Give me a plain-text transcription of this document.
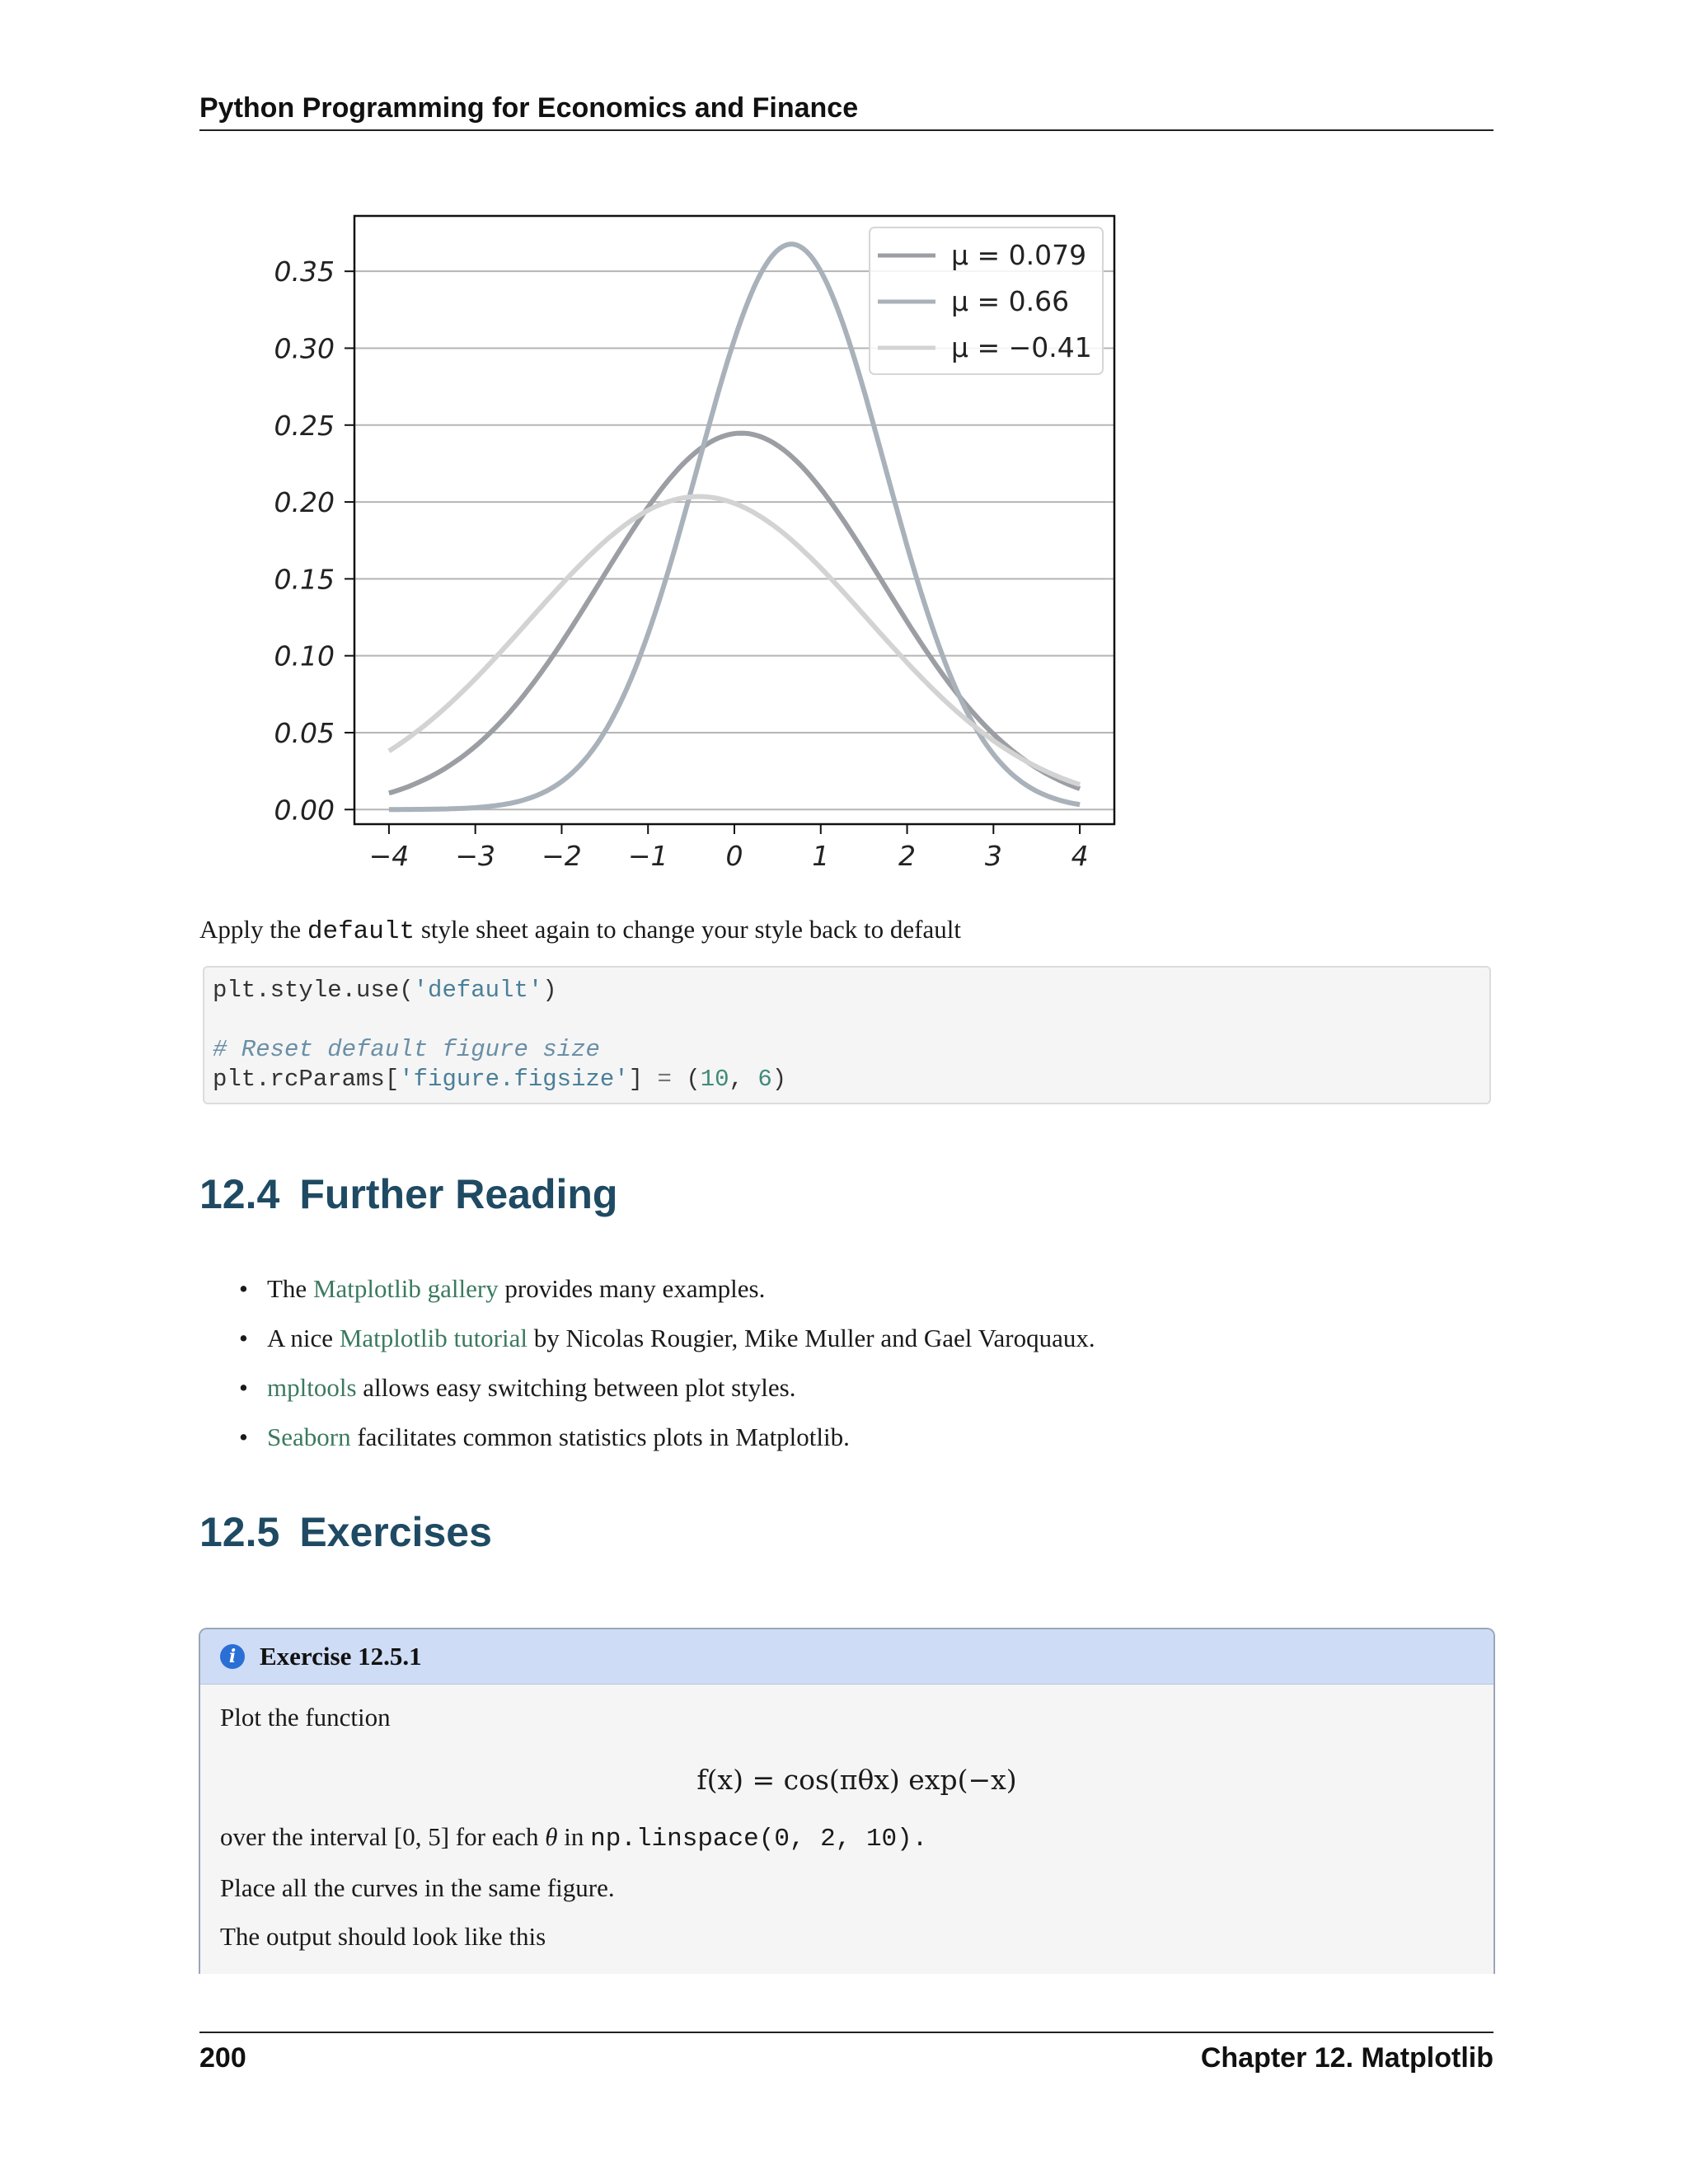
Python Programming for Economics and Finance
0.00
0.05
0.10
0.15
0.20
0.25
0.30
0.35
−4 −3 −2 −1 0	1	2	3	4
μ = 0.079
μ = 0.66
μ = −0.41
Apply the default style sheet again to change your style back to default
plt.style.use('default')

# Reset default figure size
plt.rcParams['figure.figsize'] = (10, 6)
12.4 Further Reading
• The Matplotlib gallery provides many examples.
• A nice Matplotlib tutorial by Nicolas Rougier, Mike Muller and Gael Varoquaux.
• mpltools allows easy switching between plot styles.
• Seaborn facilitates common statistics plots in Matplotlib.
12.5 Exercises
i Exercise 12.5.1

Plot the function

f(x) = cos(πθx) exp(−x)

over the interval [0, 5] for each θ in np.linspace(0, 2, 10).

Place all the curves in the same figure.

The output should look like this

200	Chapter 12. Matplotlib
